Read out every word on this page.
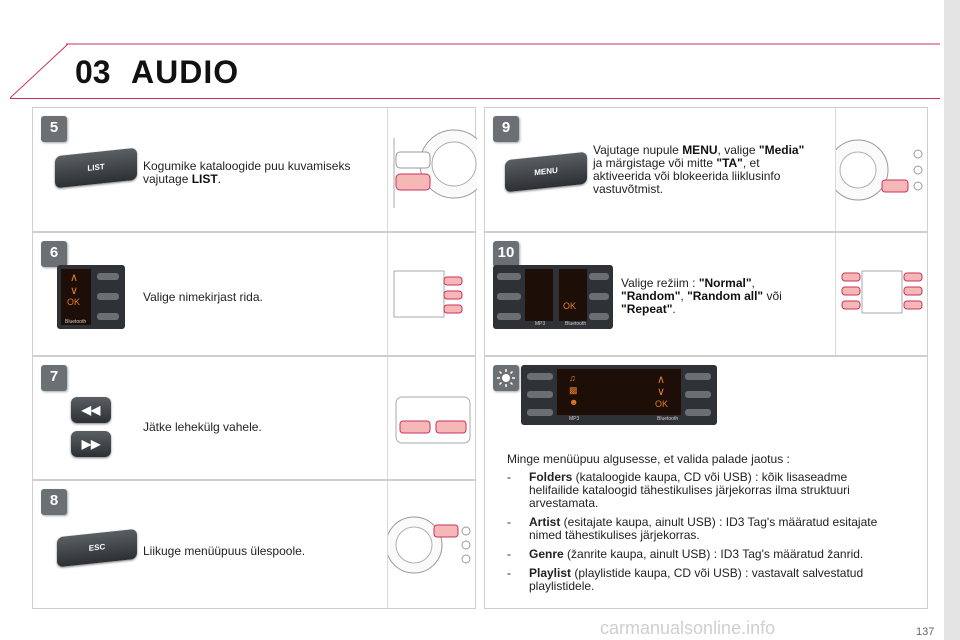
03 AUDIO
5
LIST	Kogumike kataloogide puu kuvamiseks vajutage LIST.
6
∧
∨
OK
Bluetooth
Valige nimekirjast rida.
7
◀◀
▶▶
Jätke lehekülg vahele.
8
ESC	Liikuge menüüpuus ülespoole.
9
MENU
Vajutage nupule MENU, valige "Media"
ja märgistage või mitte "TA", et
aktiveerida või blokeerida liiklusinfo
vastuvõtmist.
10
OK
MP3	Bluetooth
Valige režiim : "Normal",
"Random", "Random all" või
"Repeat".
♫
▩
☻
∧
∨
OK
MP3	Bluetooth
Minge menüüpuu algusesse, et valida palade jaotus :
- Folders (kataloogide kaupa, CD või USB) : kõik lisaseadme
helifailide kataloogid tähestikulises järjekorras ilma struktuuri
arvestamata.
- Artist (esitajate kaupa, ainult USB) : ID3 Tag's määratud esitajate
nimed tähestikulises järjekorras.
- Genre (žanrite kaupa, ainult USB) : ID3 Tag's määratud žanrid.
- Playlist (playlistide kaupa, CD või USB) : vastavalt salvestatud
playlistidele.
137
carmanualsonline.info
